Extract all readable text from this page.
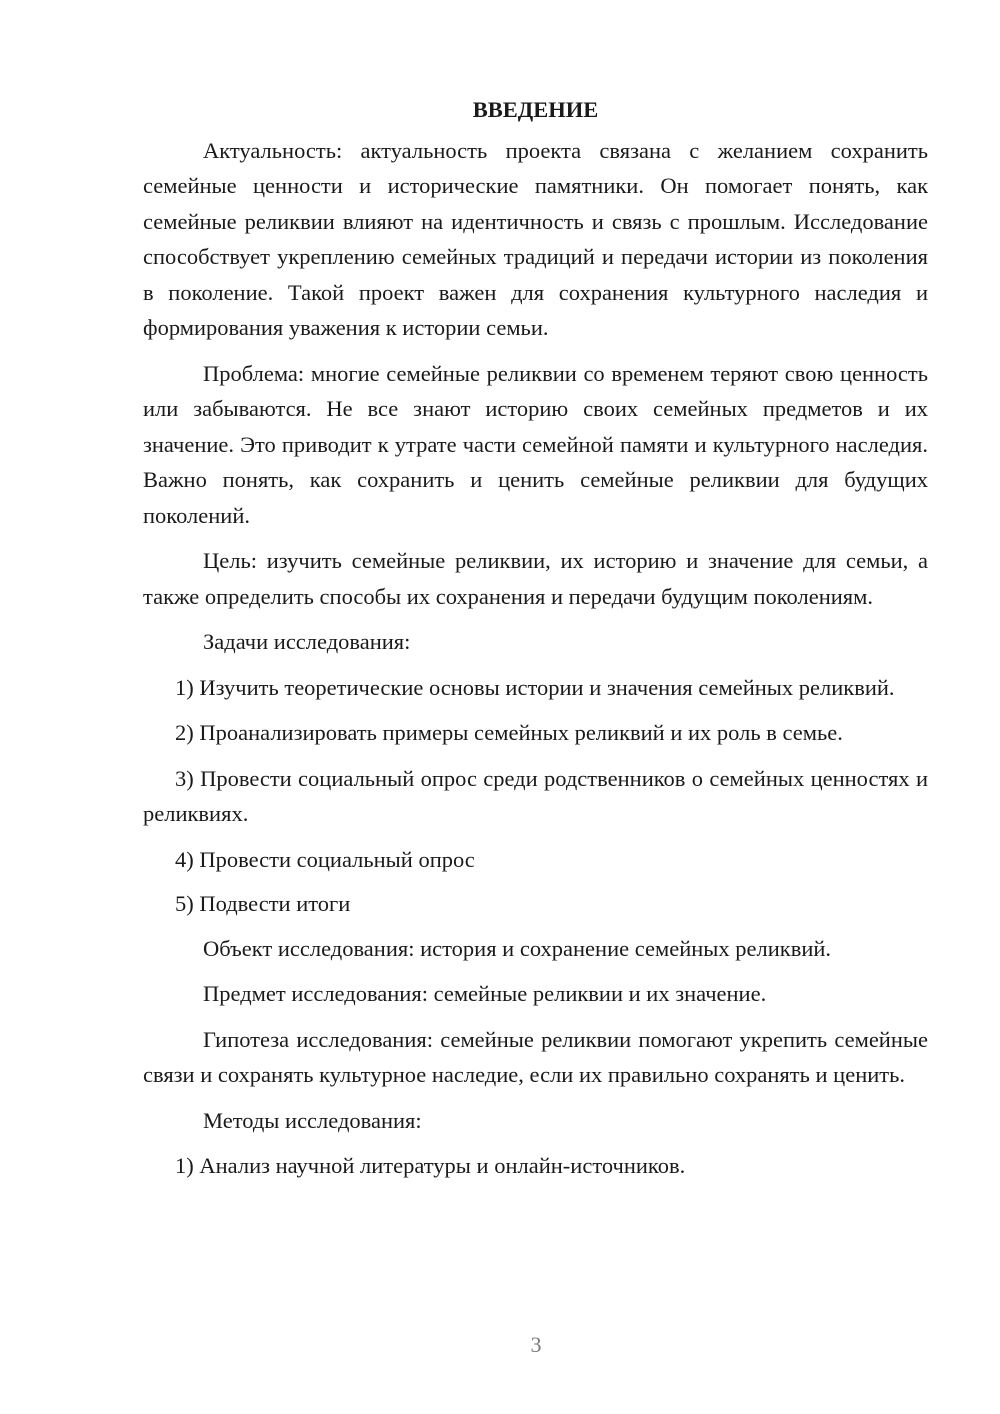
ВВЕДЕНИЕ

Актуальность: актуальность проекта связана с желанием сохранить семейные ценности и исторические памятники. Он помогает понять, как семейные реликвии влияют на идентичность и связь с прошлым. Исследование способствует укреплению семейных традиций и передачи истории из поколения в поколение. Такой проект важен для сохранения культурного наследия и формирования уважения к истории семьи.

Проблема: многие семейные реликвии со временем теряют свою ценность или забываются. Не все знают историю своих семейных предметов и их значение. Это приводит к утрате части семейной памяти и культурного наследия. Важно понять, как сохранить и ценить семейные реликвии для будущих поколений.

Цель: изучить семейные реликвии, их историю и значение для семьи, а также определить способы их сохранения и передачи будущим поколениям.

Задачи исследования:

1) Изучить теоретические основы истории и значения семейных реликвий.

2) Проанализировать примеры семейных реликвий и их роль в семье.

3) Провести социальный опрос среди родственников о семейных ценностях и реликвиях.

4) Провести социальный опрос

5) Подвести итоги

Объект исследования: история и сохранение семейных реликвий.

Предмет исследования: семейные реликвии и их значение.

Гипотеза исследования: семейные реликвии помогают укрепить семейные связи и сохранять культурное наследие, если их правильно сохранять и ценить.

Методы исследования:

1) Анализ научной литературы и онлайн-источников.

3
